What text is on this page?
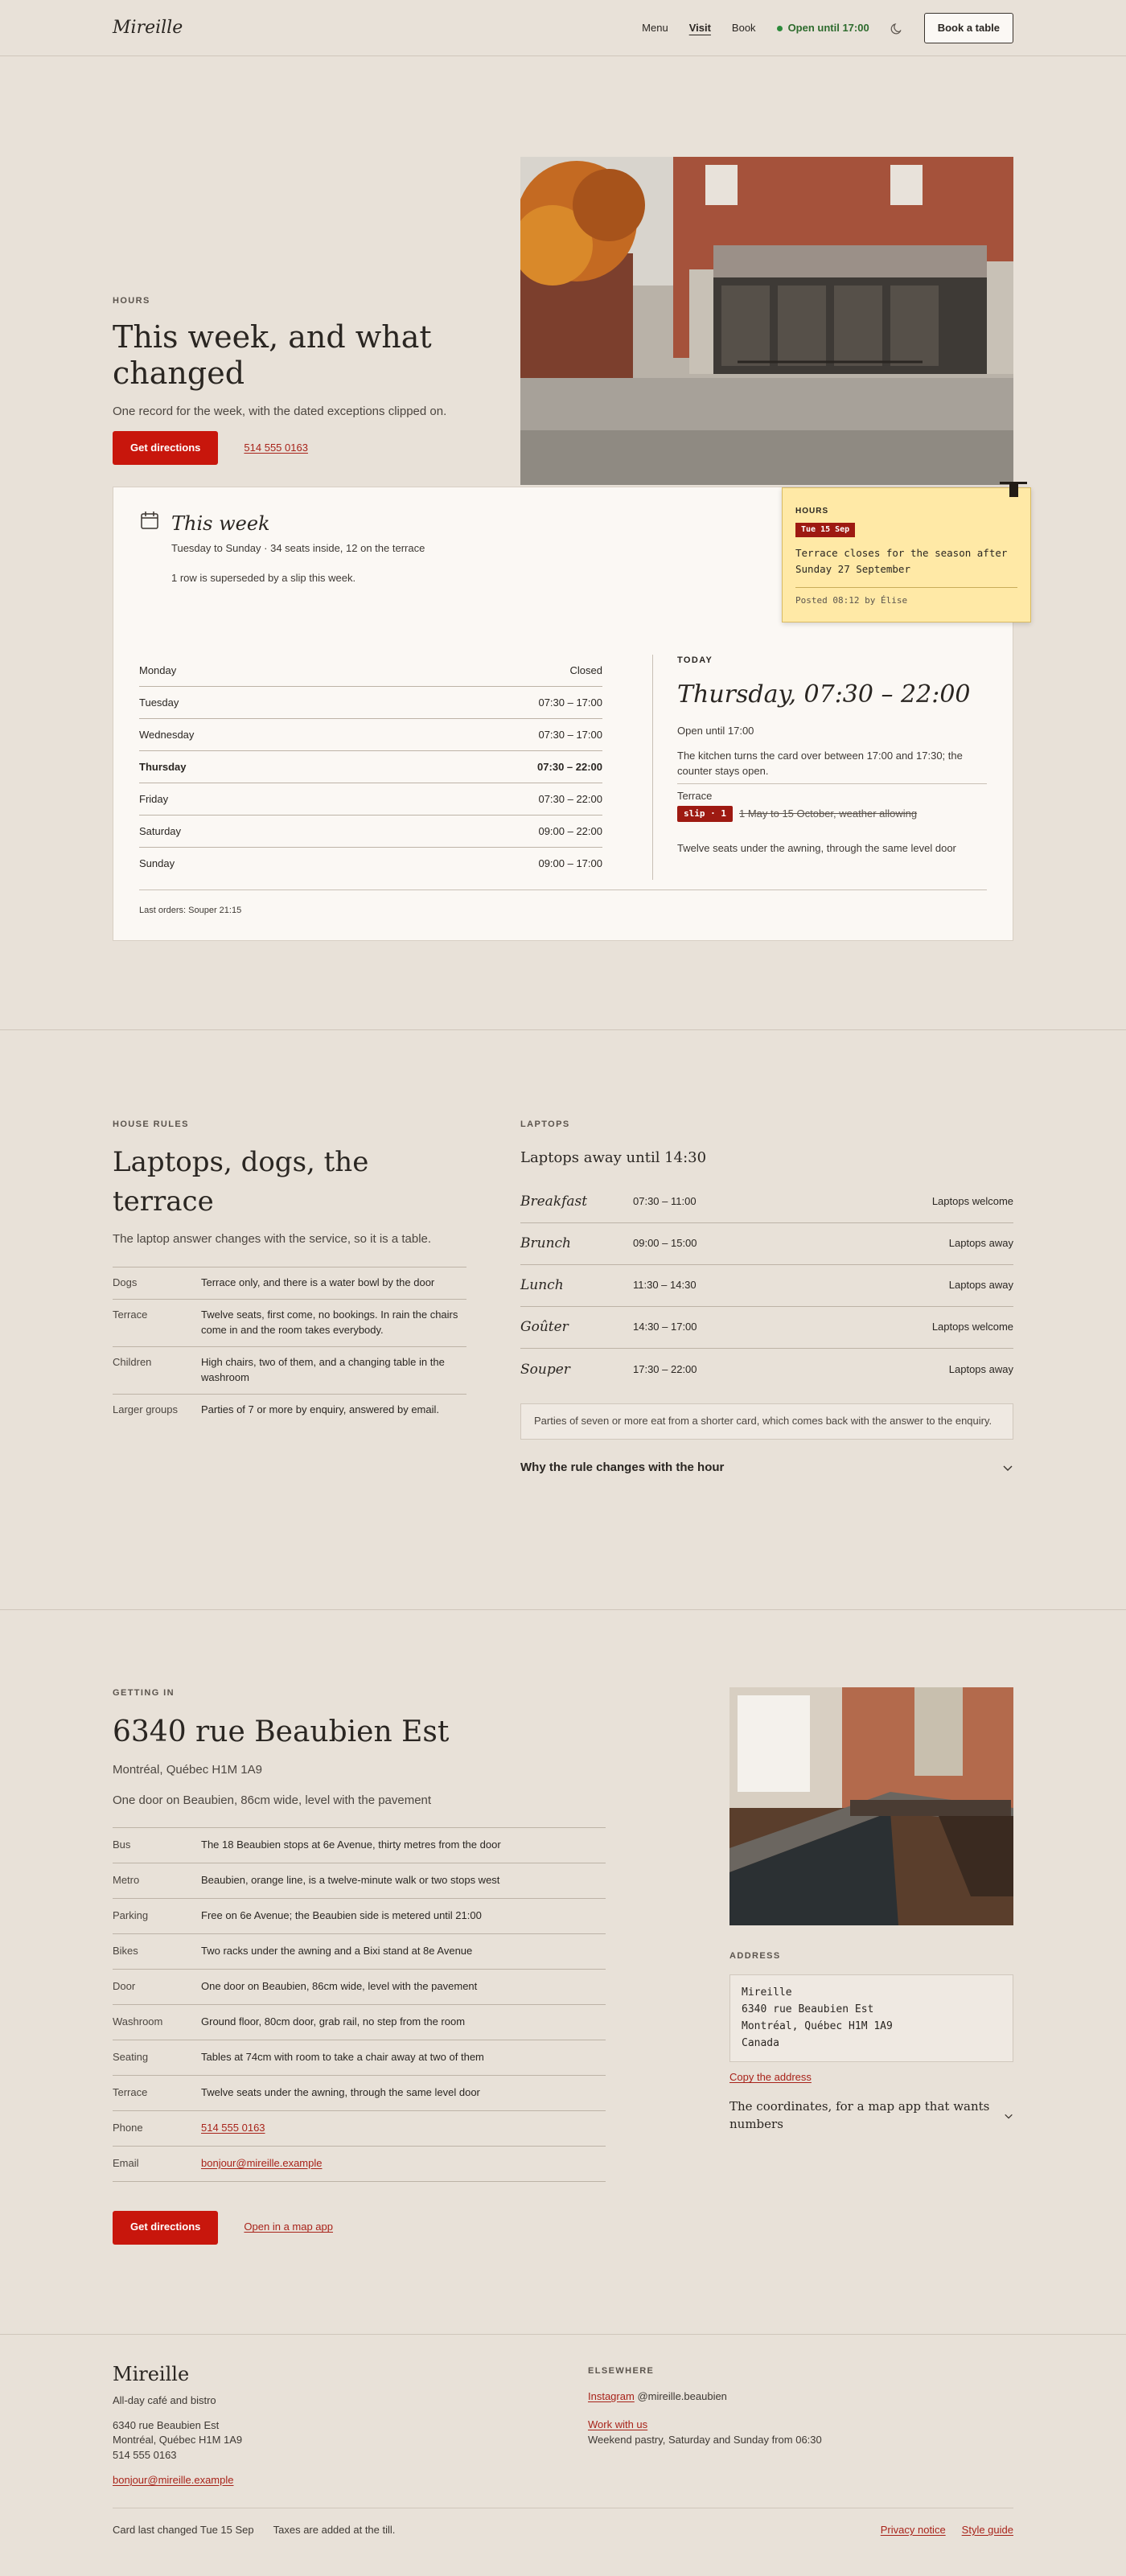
Mireille	Menu Visit Book	Open until 17:00	Book a table
HOURS
This week, and what changed

One record for the week, with the dated exceptions clipped on.

Get directions	514 555 0163
This week
Tuesday to Sunday · 34 seats inside, 12 on the terrace
1 row is superseded by a slip this week.
Monday	Closed
Tuesday	07:30 – 17:00
Wednesday	07:30 – 17:00
Thursday	07:30 – 22:00
Friday	07:30 – 22:00
Saturday	09:00 – 22:00
Sunday	09:00 – 17:00
TODAY
Thursday, 07:30 – 22:00

Open until 17:00

The kitchen turns the card over between 17:00 and 17:30; the counter stays open.

Terrace

slip · 1	1 May to 15 October, weather allowing

Twelve seats under the awning, through the same level door

Last orders: Souper 21:15
HOURS
Tue 15 Sep
Terrace closes for the season after Sunday 27 September
Posted 08:12 by Élise
HOUSE RULES
Laptops, dogs, the terrace

The laptop answer changes with the service, so it is a table.

Dogs	Terrace only, and there is a water bowl by the door
Terrace	Twelve seats, first come, no bookings. In rain the chairs come in and the room takes everybody.
Children	High chairs, two of them, and a changing table in the washroom
Larger groups	Parties of 7 or more by enquiry, answered by email.
LAPTOPS
Laptops away until 14:30
Breakfast	07:30 – 11:00	Laptops welcome
Brunch	09:00 – 15:00	Laptops away
Lunch	11:30 – 14:30	Laptops away
Goûter	14:30 – 17:00	Laptops welcome
Souper	17:30 – 22:00	Laptops away
Parties of seven or more eat from a shorter card, which comes back with the answer to the enquiry.
Why the rule changes with the hour
GETTING IN
6340 rue Beaubien Est

Montréal, Québec H1M 1A9

One door on Beaubien, 86cm wide, level with the pavement

Bus	The 18 Beaubien stops at 6e Avenue, thirty metres from the door
Metro	Beaubien, orange line, is a twelve-minute walk or two stops west
Parking	Free on 6e Avenue; the Beaubien side is metered until 21:00
Bikes	Two racks under the awning and a Bixi stand at 8e Avenue
Door	One door on Beaubien, 86cm wide, level with the pavement
Washroom	Ground floor, 80cm door, grab rail, no step from the room
Seating	Tables at 74cm with room to take a chair away at two of them
Terrace	Twelve seats under the awning, through the same level door
Phone	514 555 0163
Email	bonjour@mireille.example
Get directions	Open in a map app
ADDRESS
Mireille
6340 rue Beaubien Est
Montréal, Québec H1M 1A9
Canada
Copy the address
The coordinates, for a map app that wants numbers
Mireille
All-day café and bistro
6340 rue Beaubien Est
Montréal, Québec H1M 1A9
514 555 0163
bonjour@mireille.example
ELSEWHERE
Instagram @mireille.beaubien
Work with us
Weekend pastry, Saturday and Sunday from 06:30
Card last changed Tue 15 Sep Taxes are added at the till.	Privacy notice Style guide
